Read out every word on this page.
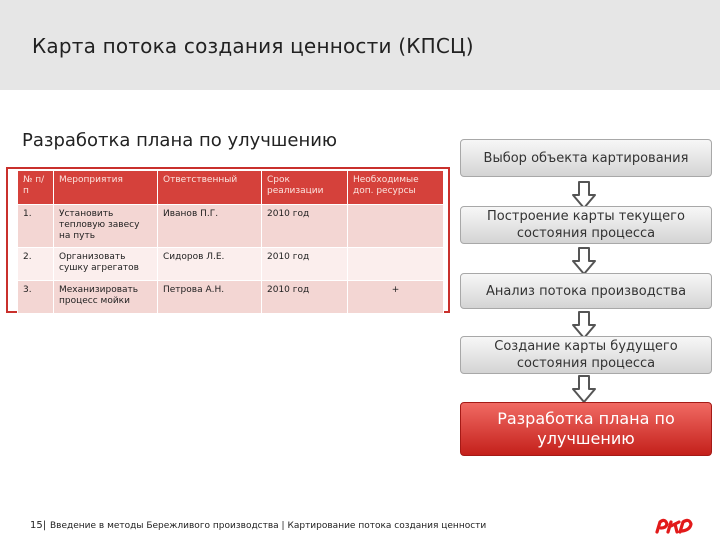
Карта потока создания ценности (КПСЦ)
Разработка плана по улучшению
№ п/п	Мероприятия	Ответственный	Срок реализации	Необходимые доп. ресурсы
1.	Установить тепловую завесу на путь	Иванов П.Г.	2010 год	
2.	Организовать сушку агрегатов	Сидоров Л.Е.	2010 год	
3.	Механизировать процесс мойки	Петрова А.Н.	2010 год	+
Выбор объекта картирования
Построение карты текущего состояния процесса
Анализ потока производства
Создание карты будущего состояния процесса
Разработка плана по улучшению
15| Введение в методы Бережливого производства | Картирование потока создания ценности
